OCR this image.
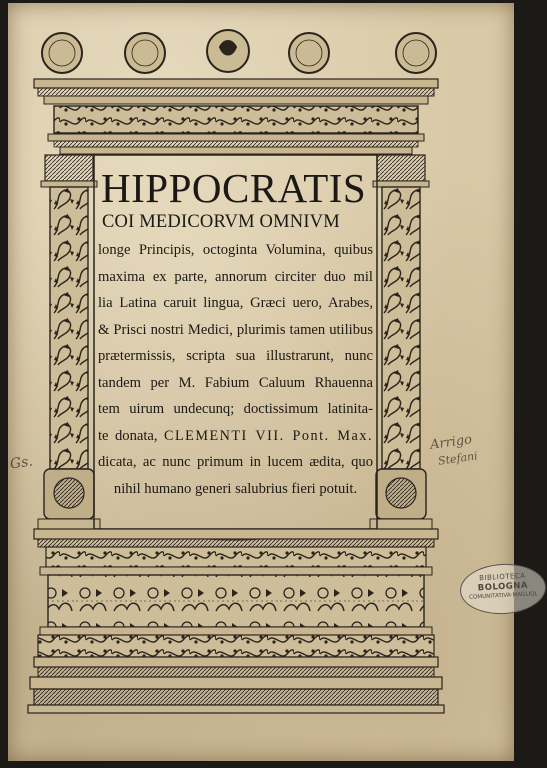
HIPPOCRATIS
COI MEDICORVM OMNIVM
longe Principis, octoginta Volumina, quibus
maxima ex parte, annorum circiter duo mil
lia Latina caruit lingua, Græci uero, Arabes,
& Prisci nostri Medici, plurimis tamen utilibus
prætermissis, scripta sua illustrarunt, nunc
tandem per M. Fabium Caluum Rhauenna
tem uirum undecunq; doctissimum latinita-
te donata, CLEMENTI VII. Pont. Max.
dicata, ac nunc primum in lucem ædita, quo
nihil humano generi salubrius fieri potuit.
Arrigo
Stefani
Gs.
BIBLIOTECA
BOLOGNA
COMUNITATIVA·MAGLIOL
